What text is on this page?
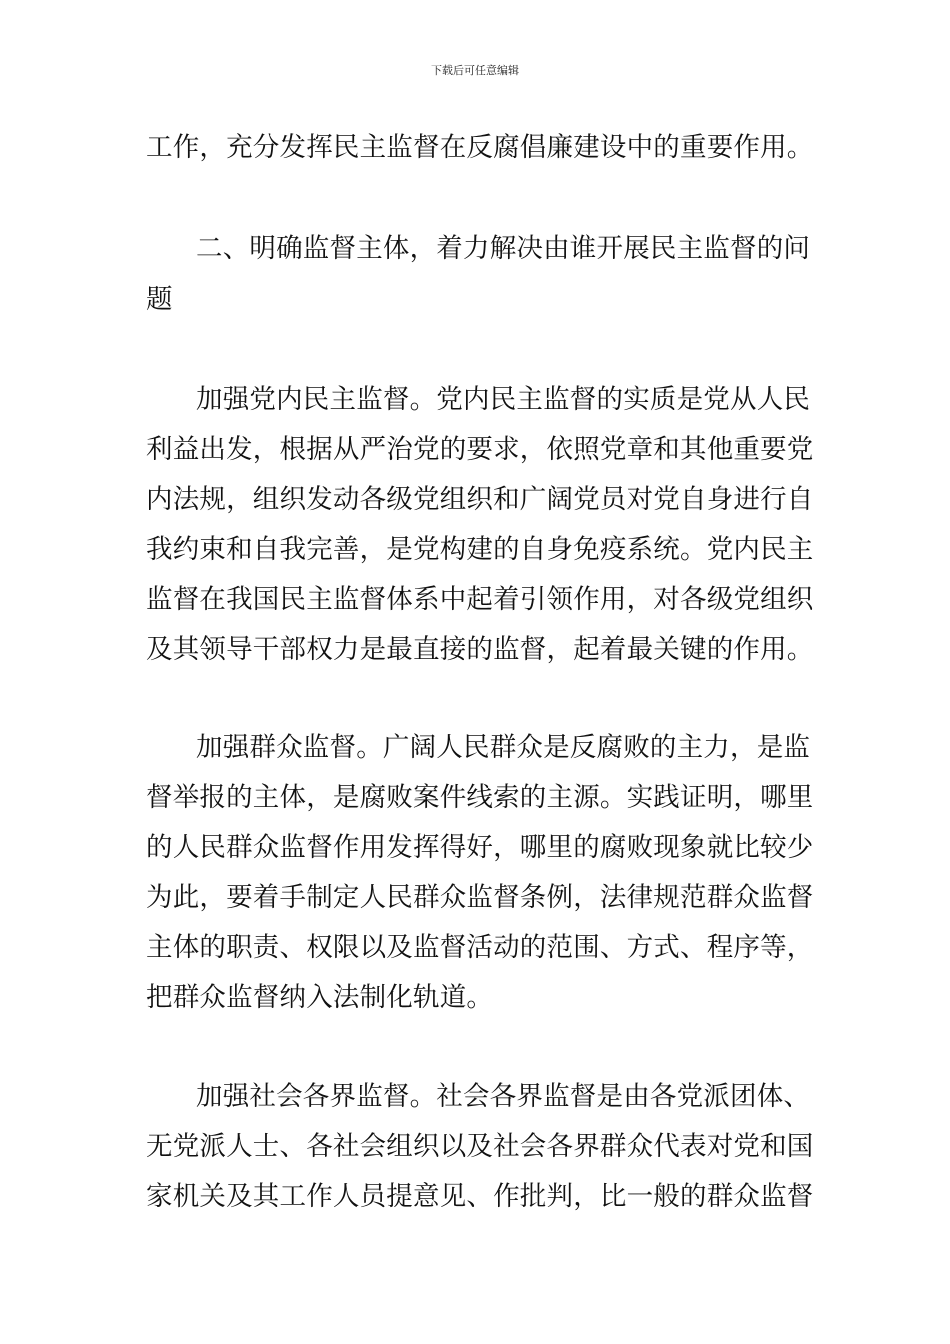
下载后可任意编辑
工作，充分发挥民主监督在反腐倡廉建设中的重要作用。
二、明确监督主体，着力解决由谁开展民主监督的问
题
加强党内民主监督。党内民主监督的实质是党从人民
利益出发，根据从严治党的要求，依照党章和其他重要党
内法规，组织发动各级党组织和广阔党员对党自身进行自
我约束和自我完善，是党构建的自身免疫系统。党内民主
监督在我国民主监督体系中起着引领作用，对各级党组织
及其领导干部权力是最直接的监督，起着最关键的作用。
加强群众监督。广阔人民群众是反腐败的主力，是监
督举报的主体，是腐败案件线索的主源。实践证明，哪里
的人民群众监督作用发挥得好，哪里的腐败现象就比较少
为此，要着手制定人民群众监督条例，法律规范群众监督
主体的职责、权限以及监督活动的范围、方式、程序等，
把群众监督纳入法制化轨道。
加强社会各界监督。社会各界监督是由各党派团体、
无党派人士、各社会组织以及社会各界群众代表对党和国
家机关及其工作人员提意见、作批判，比一般的群众监督
